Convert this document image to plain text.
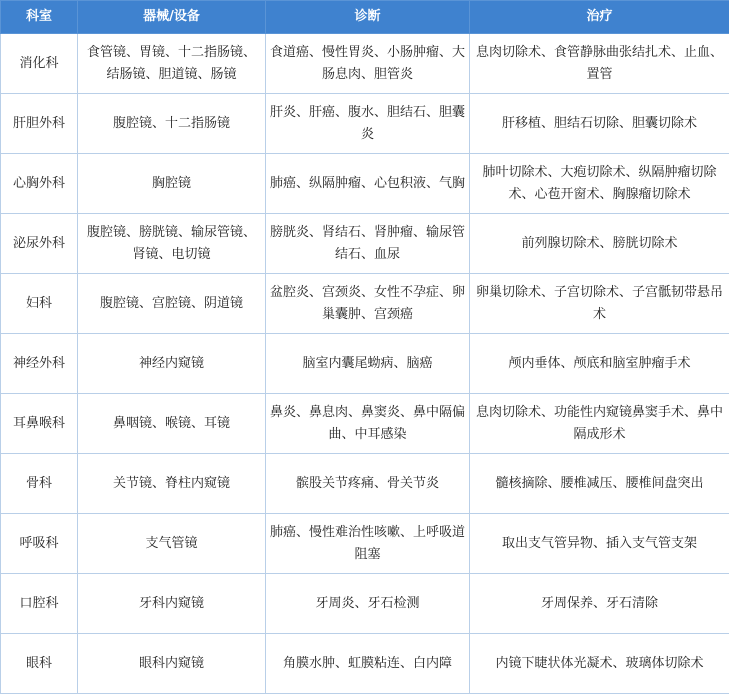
科室	器械/设备	诊断	治疗
消化科	食管镜、胃镜、十二指肠镜、结肠镜、胆道镜、肠镜	食道癌、慢性胃炎、小肠肿瘤、大肠息肉、胆管炎	息肉切除术、食管静脉曲张结扎术、止血、置管
肝胆外科	腹腔镜、十二指肠镜	肝炎、肝癌、腹水、胆结石、胆囊炎	肝移植、胆结石切除、胆囊切除术
心胸外科	胸腔镜	肺癌、纵隔肿瘤、心包积液、气胸	肺叶切除术、大疱切除术、纵隔肿瘤切除术、心苞开窗术、胸腺瘤切除术
泌尿外科	腹腔镜、膀胱镜、输尿管镜、肾镜、电切镜	膀胱炎、肾结石、肾肿瘤、输尿管结石、血尿	前列腺切除术、膀胱切除术
妇科	腹腔镜、宫腔镜、阴道镜	盆腔炎、宫颈炎、女性不孕症、卵巢囊肿、宫颈癌	卵巢切除术、子宫切除术、子宫骶韧带悬吊术
神经外科	神经内窥镜	脑室内囊尾蚴病、脑癌	颅内垂体、颅底和脑室肿瘤手术
耳鼻喉科	鼻咽镜、喉镜、耳镜	鼻炎、鼻息肉、鼻窦炎、鼻中隔偏曲、中耳感染	息肉切除术、功能性内窥镜鼻窦手术、鼻中隔成形术
骨科	关节镜、脊柱内窥镜	髌股关节疼痛、骨关节炎	髓核摘除、腰椎减压、腰椎间盘突出
呼吸科	支气管镜	肺癌、慢性难治性咳嗽、上呼吸道阻塞	取出支气管异物、插入支气管支架
口腔科	牙科内窥镜	牙周炎、牙石检测	牙周保养、牙石清除
眼科	眼科内窥镜	角膜水肿、虹膜粘连、白内障	内镜下睫状体光凝术、玻璃体切除术
